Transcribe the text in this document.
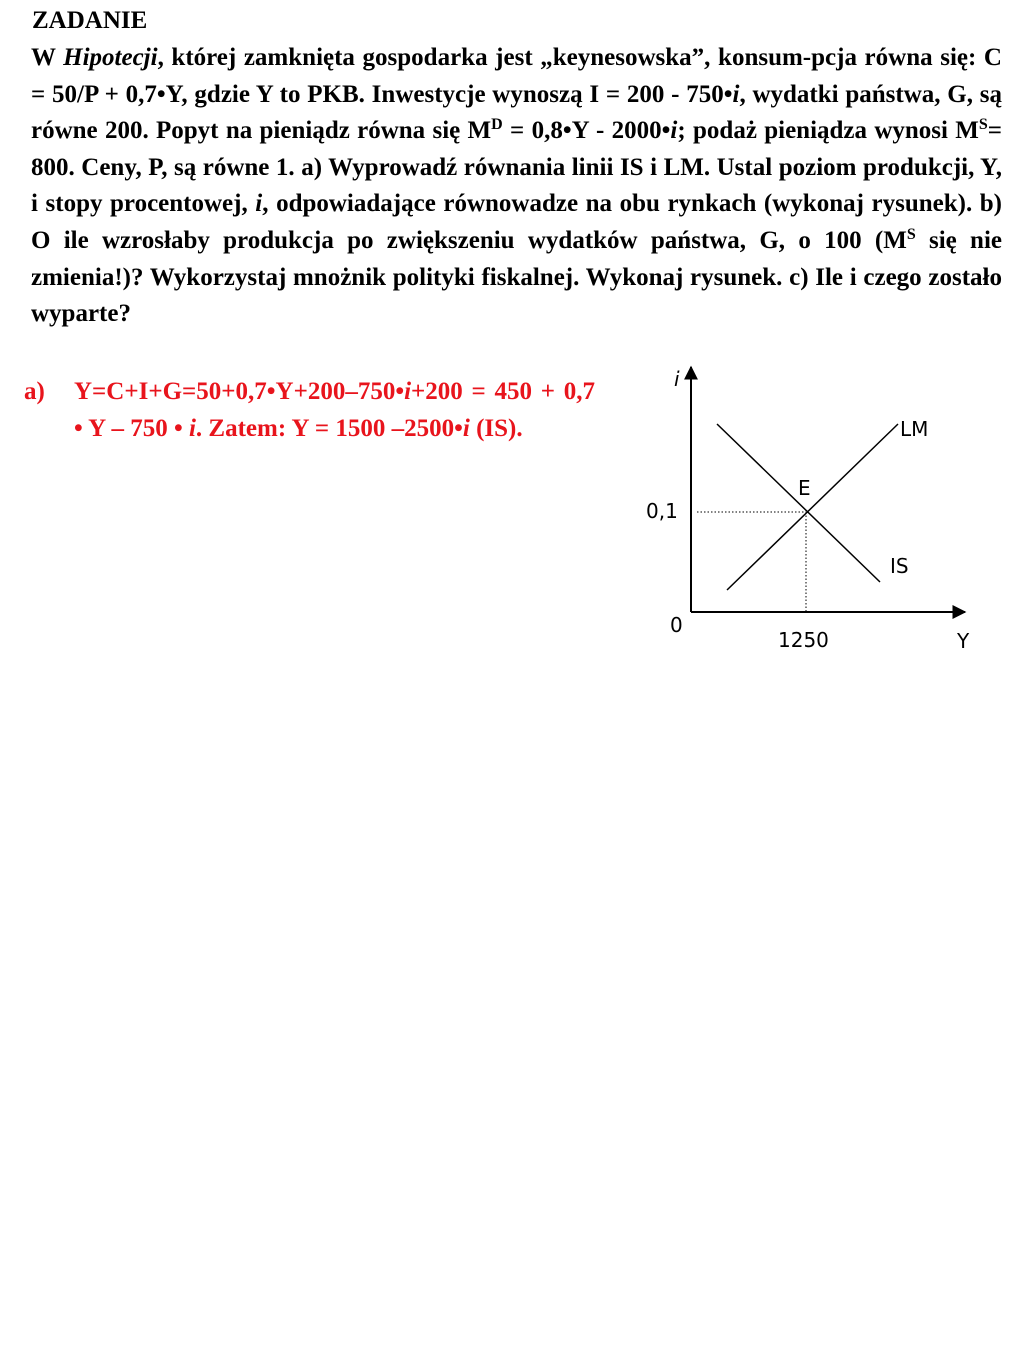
ZADANIE

W Hipotecji, której zamknięta gospodarka jest „keynesowska”, konsum-pcja równa się: C = 50/P + 0,7•Y, gdzie Y to PKB. Inwestycje wynoszą I = 200 - 750•i, wydatki państwa, G, są równe 200. Popyt na pieniądz równa się $M^D$ = 0,8•Y - 2000•i; podaż pieniądza wynosi $M^S= 800$. Ceny, P, są równe 1. a) Wyprowadź równania linii IS i LM. Ustal poziom produkcji, Y, i stopy procentowej, i, odpowiadające równowadze na obu rynkach (wykonaj rysunek). b) O ile wzrosłaby produkcja po zwiększeniu wydatków państwa, G, o 100 ($M^S$ się nie zmienia!)? Wykorzystaj mnożnik polityki fiskalnej. Wykonaj rysunek. c) Ile i czego zostało wyparte?

a) Y=C+I+G=50+0,7•Y+200–750•i+200 = 450 + 0,7 • Y – 750 • i. Zatem: Y = 1500 –2500•i (IS).
i
Y
0
E
0,1
1250
LM
IS
